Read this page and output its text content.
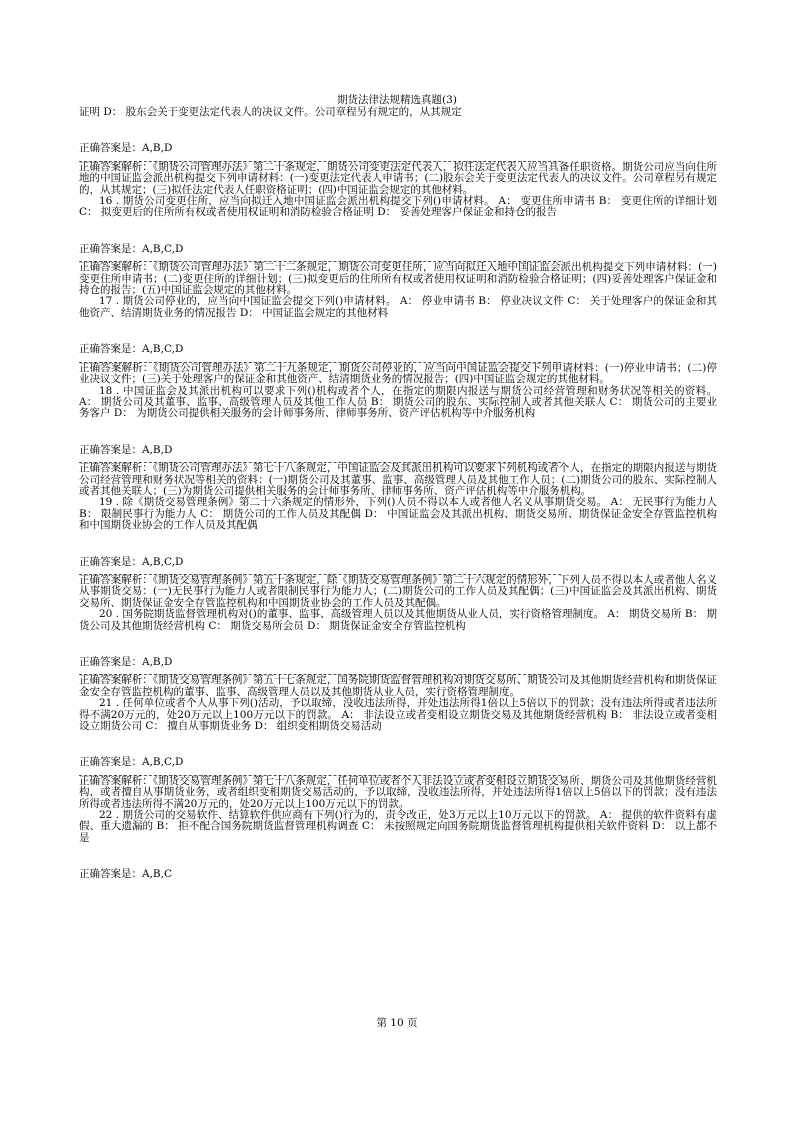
期货法律法规精选真题(3)

证明 D： 股东会关于变更法定代表人的决议文件。公司章程另有规定的，从其规定

正确答案是：A,B,D

正确答案解析：《期货公司管理办法》第二十条规定，期货公司变更法定代表人，拟任法定代表人应当具备任职资格。期货公司应当向住所地的中国证监会派出机构提交下列申请材料：(一)变更法定代表人申请书；(二)股东会关于变更法定代表人的决议文件。公司章程另有规定的，从其规定；(三)拟任法定代表人任职资格证明；(四)中国证监会规定的其他材料。

16 . 期货公司变更住所，应当向拟迁入地中国证监会派出机构提交下列()申请材料。 A： 变更住所申请书 B： 变更住所的详细计划 C： 拟变更后的住所所有权或者使用权证明和消防检验合格证明 D： 妥善处理客户保证金和持仓的报告

正确答案是：A,B,C,D

正确答案解析：《期货公司管理办法》第二十二条规定，期货公司变更住所，应当向拟迁入地中国证监会派出机构提交下列申请材料：(一)变更住所申请书；(二)变更住所的详细计划；(三)拟变更后的住所所有权或者使用权证明和消防检验合格证明；(四)妥善处理客户保证金和持仓的报告；(五)中国证监会规定的其他材料。

17 . 期货公司停业的，应当向中国证监会提交下列()申请材料。 A： 停业申请书 B： 停业决议文件 C： 关于处理客户的保证金和其他资产、结清期货业务的情况报告 D： 中国证监会规定的其他材料

正确答案是：A,B,C,D

正确答案解析：《期货公司管理办法》第二十九条规定，期货公司停业的，应当向中国证监会提交下列申请材料：(一)停业申请书；(二)停业决议文件；(三)关于处理客户的保证金和其他资产、结清期货业务的情况报告；(四)中国证监会规定的其他材料。

18 . 中国证监会及其派出机构可以要求下列()机构或者个人，在指定的期限内报送与期货公司经营管理和财务状况等相关的资料。 A： 期货公司及其董事、监事、高级管理人员及其他工作人员 B： 期货公司的股东、实际控制人或者其他关联人 C： 期货公司的主要业务客户 D： 为期货公司提供相关服务的会计师事务所、律师事务所、资产评估机构等中介服务机构

正确答案是：A,B,D

正确答案解析：《期货公司管理办法》第七十八条规定，中国证监会及其派出机构可以要求下列机构或者个人，在指定的期限内报送与期货公司经营管理和财务状况等相关的资料：(一)期货公司及其董事、监事、高级管理人员及其他工作人员；(二)期货公司的股东、实际控制人或者其他关联人；(三)为期货公司提供相关服务的会计师事务所、律师事务所、资产评估机构等中介服务机构。

19 . 除《期货交易管理条例》第二十六条规定的情形外，下列()人员不得以本人或者他人名义从事期货交易。 A： 无民事行为能力人 B： 限制民事行为能力人 C： 期货公司的工作人员及其配偶 D： 中国证监会及其派出机构、期货交易所、期货保证金安全存管监控机构和中国期货业协会的工作人员及其配偶

正确答案是：A,B,C,D

正确答案解析：《期货交易管理条例》第五十条规定，除《期货交易管理条例》第二十六规定的情形外，下列人员不得以本人或者他人名义从事期货交易：(一)无民事行为能力人或者限制民事行为能力人；(二)期货公司的工作人员及其配偶；(三)中国证监会及其派出机构、期货交易所、期货保证金安全存管监控机构和中国期货业协会的工作人员及其配偶。

20 . 国务院期货监督管理机构对()的董事、监事、高级管理人员以及其他期货从业人员，实行资格管理制度。 A： 期货交易所 B： 期货公司及其他期货经营机构 C： 期货交易所会员 D： 期货保证金安全存管监控机构

正确答案是：A,B,D

正确答案解析：《期货交易管理条例》第五十七条规定，国务院期货监督管理机构对期货交易所、期货公司及其他期货经营机构和期货保证金安全存管监控机构的董事、监事、高级管理人员以及其他期货从业人员，实行资格管理制度。

21 . 任何单位或者个人从事下列()活动，予以取缔，没收违法所得，并处违法所得1倍以上5倍以下的罚款；没有违法所得或者违法所得不满20万元的，处20万元以上100万元以下的罚款。 A： 非法设立或者变相设立期货交易及其他期货经营机构 B： 非法设立或者变相设立期货公司 C： 擅自从事期货业务 D： 组织变相期货交易活动

正确答案是：A,B,C,D

正确答案解析：《期货交易管理条例》第七十八条规定，任何单位或者个人非法设立或者变相设立期货交易所、期货公司及其他期货经营机构，或者擅自从事期货业务，或者组织变相期货交易活动的，予以取缔，没收违法所得，并处违法所得1倍以上5倍以下的罚款；没有违法所得或者违法所得不满20万元的，处20万元以上100万元以下的罚款。

22 . 期货公司的交易软件、结算软件供应商有下列()行为的，责令改正，处3万元以上10万元以下的罚款。 A： 提供的软件资料有虚假、重大遗漏的 B： 拒不配合国务院期货监督管理机构调查 C： 未按照规定向国务院期货监督管理机构提供相关软件资料 D： 以上都不是

正确答案是：A,B,C

第 10 页
